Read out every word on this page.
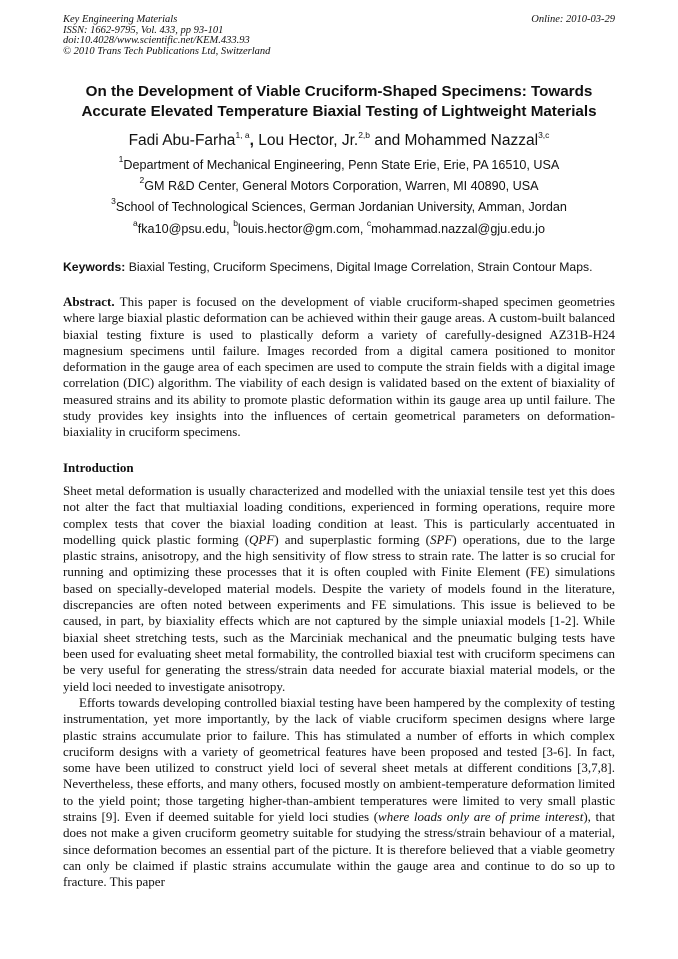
Key Engineering Materials
ISSN: 1662-9795, Vol. 433, pp 93-101
doi:10.4028/www.scientific.net/KEM.433.93
© 2010 Trans Tech Publications Ltd, Switzerland
Online: 2010-03-29
On the Development of Viable Cruciform-Shaped Specimens: Towards
Accurate Elevated Temperature Biaxial Testing of Lightweight Materials
Fadi Abu-Farha$^{1, a}$, Lou Hector, Jr.$^{2,b}$ and Mohammed Nazzal$^{3,c}$
$^1$Department of Mechanical Engineering, Penn State Erie, Erie, PA 16510, USA
$^2$GM R&D Center, General Motors Corporation, Warren, MI 40890, USA
$^3$School of Technological Sciences, German Jordanian University, Amman, Jordan
$^a$fka10@psu.edu, $^b$louis.hector@gm.com, $^c$mohammad.nazzal@gju.edu.jo
Keywords: Biaxial Testing, Cruciform Specimens, Digital Image Correlation, Strain Contour Maps.
Abstract. This paper is focused on the development of viable cruciform-shaped specimen geometries where large biaxial plastic deformation can be achieved within their gauge areas. A custom-built balanced biaxial testing fixture is used to plastically deform a variety of carefully-designed AZ31B-H24 magnesium specimens until failure. Images recorded from a digital camera positioned to monitor deformation in the gauge area of each specimen are used to compute the strain fields with a digital image correlation (DIC) algorithm. The viability of each design is validated based on the extent of biaxiality of measured strains and its ability to promote plastic deformation within its gauge area up until failure. The study provides key insights into the influences of certain geometrical parameters on deformation-biaxiality in cruciform specimens.
Introduction
Sheet metal deformation is usually characterized and modelled with the uniaxial tensile test yet this does not alter the fact that multiaxial loading conditions, experienced in forming operations, require more complex tests that cover the biaxial loading condition at least. This is particularly accentuated in modelling quick plastic forming (QPF) and superplastic forming (SPF) operations, due to the large plastic strains, anisotropy, and the high sensitivity of flow stress to strain rate. The latter is so crucial for running and optimizing these processes that it is often coupled with Finite Element (FE) simulations based on specially-developed material models. Despite the variety of models found in the literature, discrepancies are often noted between experiments and FE simulations. This issue is believed to be caused, in part, by biaxiality effects which are not captured by the simple uniaxial models [1-2]. While biaxial sheet stretching tests, such as the Marciniak mechanical and the pneumatic bulging tests have been used for evaluating sheet metal formability, the controlled biaxial test with cruciform specimens can be very useful for generating the stress/strain data needed for accurate biaxial material models, or the yield loci needed to investigate anisotropy.
Efforts towards developing controlled biaxial testing have been hampered by the complexity of testing instrumentation, yet more importantly, by the lack of viable cruciform specimen designs where large plastic strains accumulate prior to failure. This has stimulated a number of efforts in which complex cruciform designs with a variety of geometrical features have been proposed and tested [3-6]. In fact, some have been utilized to construct yield loci of several sheet metals at different conditions [3,7,8]. Nevertheless, these efforts, and many others, focused mostly on ambient-temperature deformation limited to the yield point; those targeting higher-than-ambient temperatures were limited to very small plastic strains [9]. Even if deemed suitable for yield loci studies (where loads only are of prime interest), that does not make a given cruciform geometry suitable for studying the stress/strain behaviour of a material, since deformation becomes an essential part of the picture. It is therefore believed that a viable geometry can only be claimed if plastic strains accumulate within the gauge area and continue to do so up to fracture. This paper
